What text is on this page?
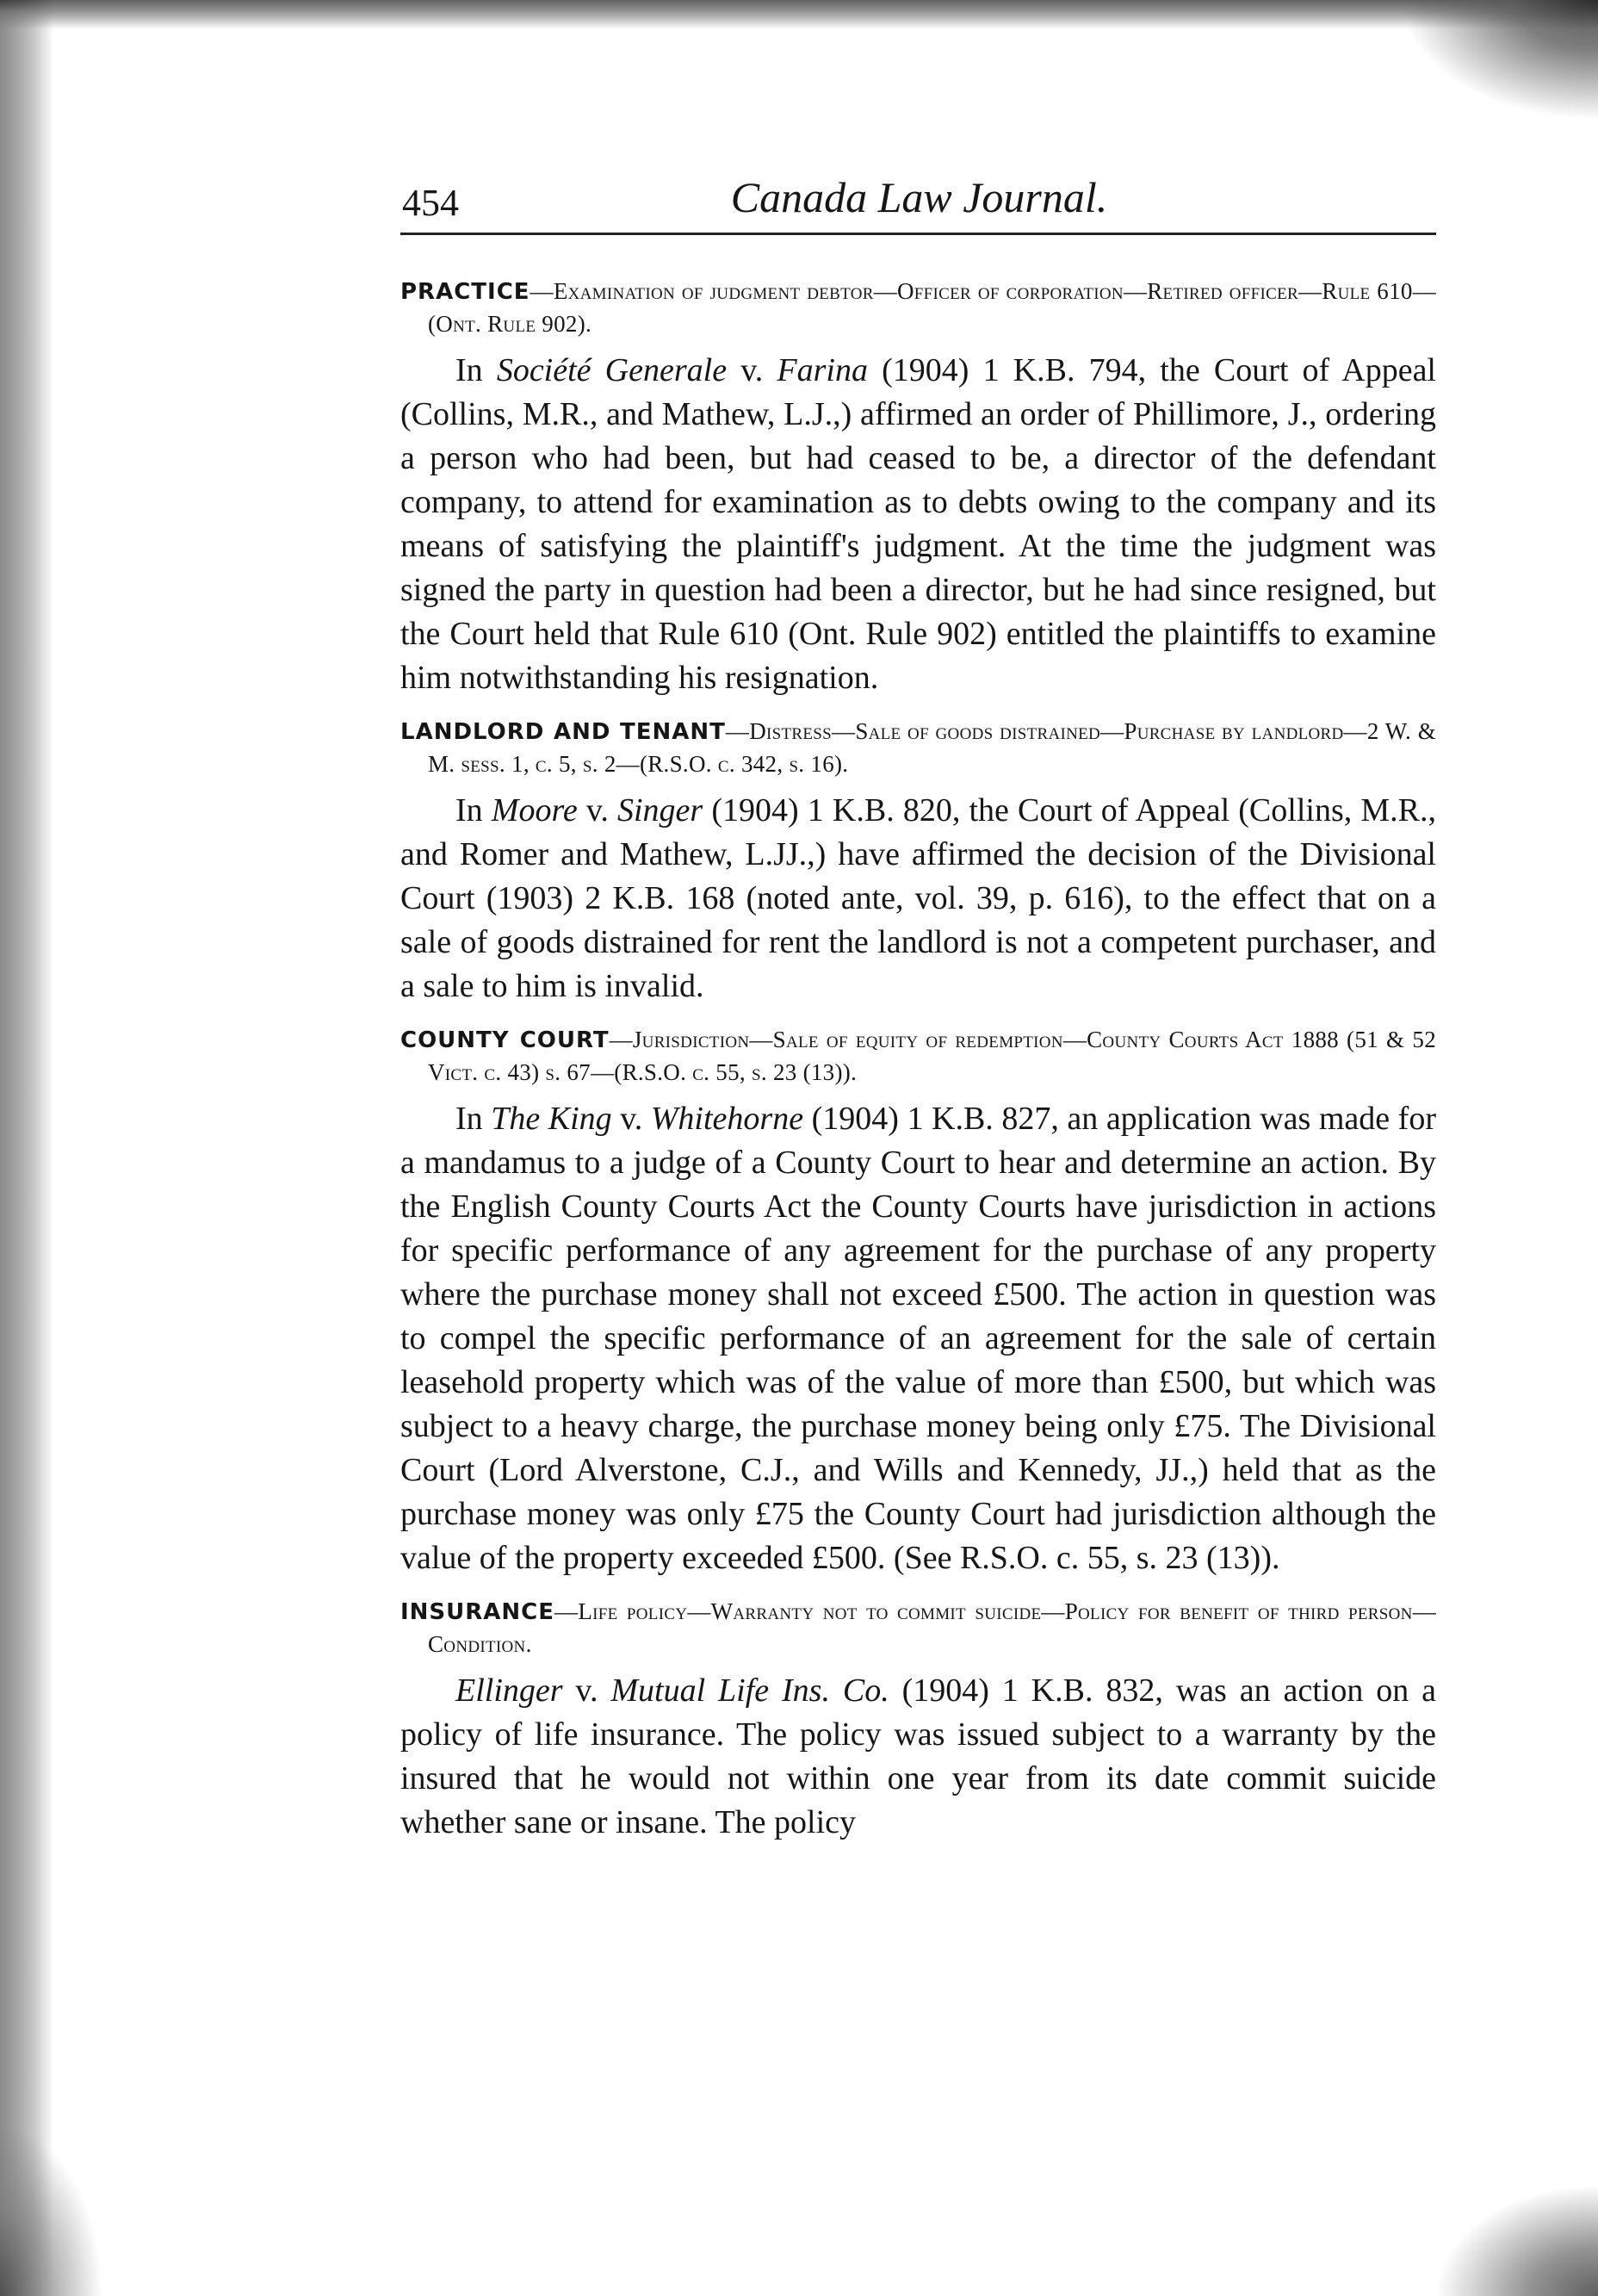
454	Canada Law Journal.
PRACTICE—Examination of judgment debtor—Officer of corporation—Retired officer—Rule 610—(Ont. Rule 902).
In Société Generale v. Farina (1904) 1 K.B. 794, the Court of Appeal (Collins, M.R., and Mathew, L.J.,) affirmed an order of Phillimore, J., ordering a person who had been, but had ceased to be, a director of the defendant company, to attend for examination as to debts owing to the company and its means of satisfying the plaintiff's judgment. At the time the judgment was signed the party in question had been a director, but he had since resigned, but the Court held that Rule 610 (Ont. Rule 902) entitled the plaintiffs to examine him notwithstanding his resignation.
LANDLORD AND TENANT—Distress—Sale of goods distrained—Purchase by landlord—2 W. & M. sess. 1, c. 5, s. 2—(R.S.O. c. 342, s. 16).
In Moore v. Singer (1904) 1 K.B. 820, the Court of Appeal (Collins, M.R., and Romer and Mathew, L.JJ.,) have affirmed the decision of the Divisional Court (1903) 2 K.B. 168 (noted ante, vol. 39, p. 616), to the effect that on a sale of goods distrained for rent the landlord is not a competent purchaser, and a sale to him is invalid.
COUNTY COURT—Jurisdiction—Sale of equity of redemption—County Courts Act 1888 (51 & 52 Vict. c. 43) s. 67—(R.S.O. c. 55, s. 23 (13)).
In The King v. Whitehorne (1904) 1 K.B. 827, an application was made for a mandamus to a judge of a County Court to hear and determine an action. By the English County Courts Act the County Courts have jurisdiction in actions for specific performance of any agreement for the purchase of any property where the purchase money shall not exceed £500. The action in question was to compel the specific performance of an agreement for the sale of certain leasehold property which was of the value of more than £500, but which was subject to a heavy charge, the purchase money being only £75. The Divisional Court (Lord Alverstone, C.J., and Wills and Kennedy, JJ.,) held that as the purchase money was only £75 the County Court had jurisdiction although the value of the property exceeded £500. (See R.S.O. c. 55, s. 23 (13)).
INSURANCE—Life policy—Warranty not to commit suicide—Policy for benefit of third person—Condition.
Ellinger v. Mutual Life Ins. Co. (1904) 1 K.B. 832, was an action on a policy of life insurance. The policy was issued subject to a warranty by the insured that he would not within one year from its date commit suicide whether sane or insane. The policy
